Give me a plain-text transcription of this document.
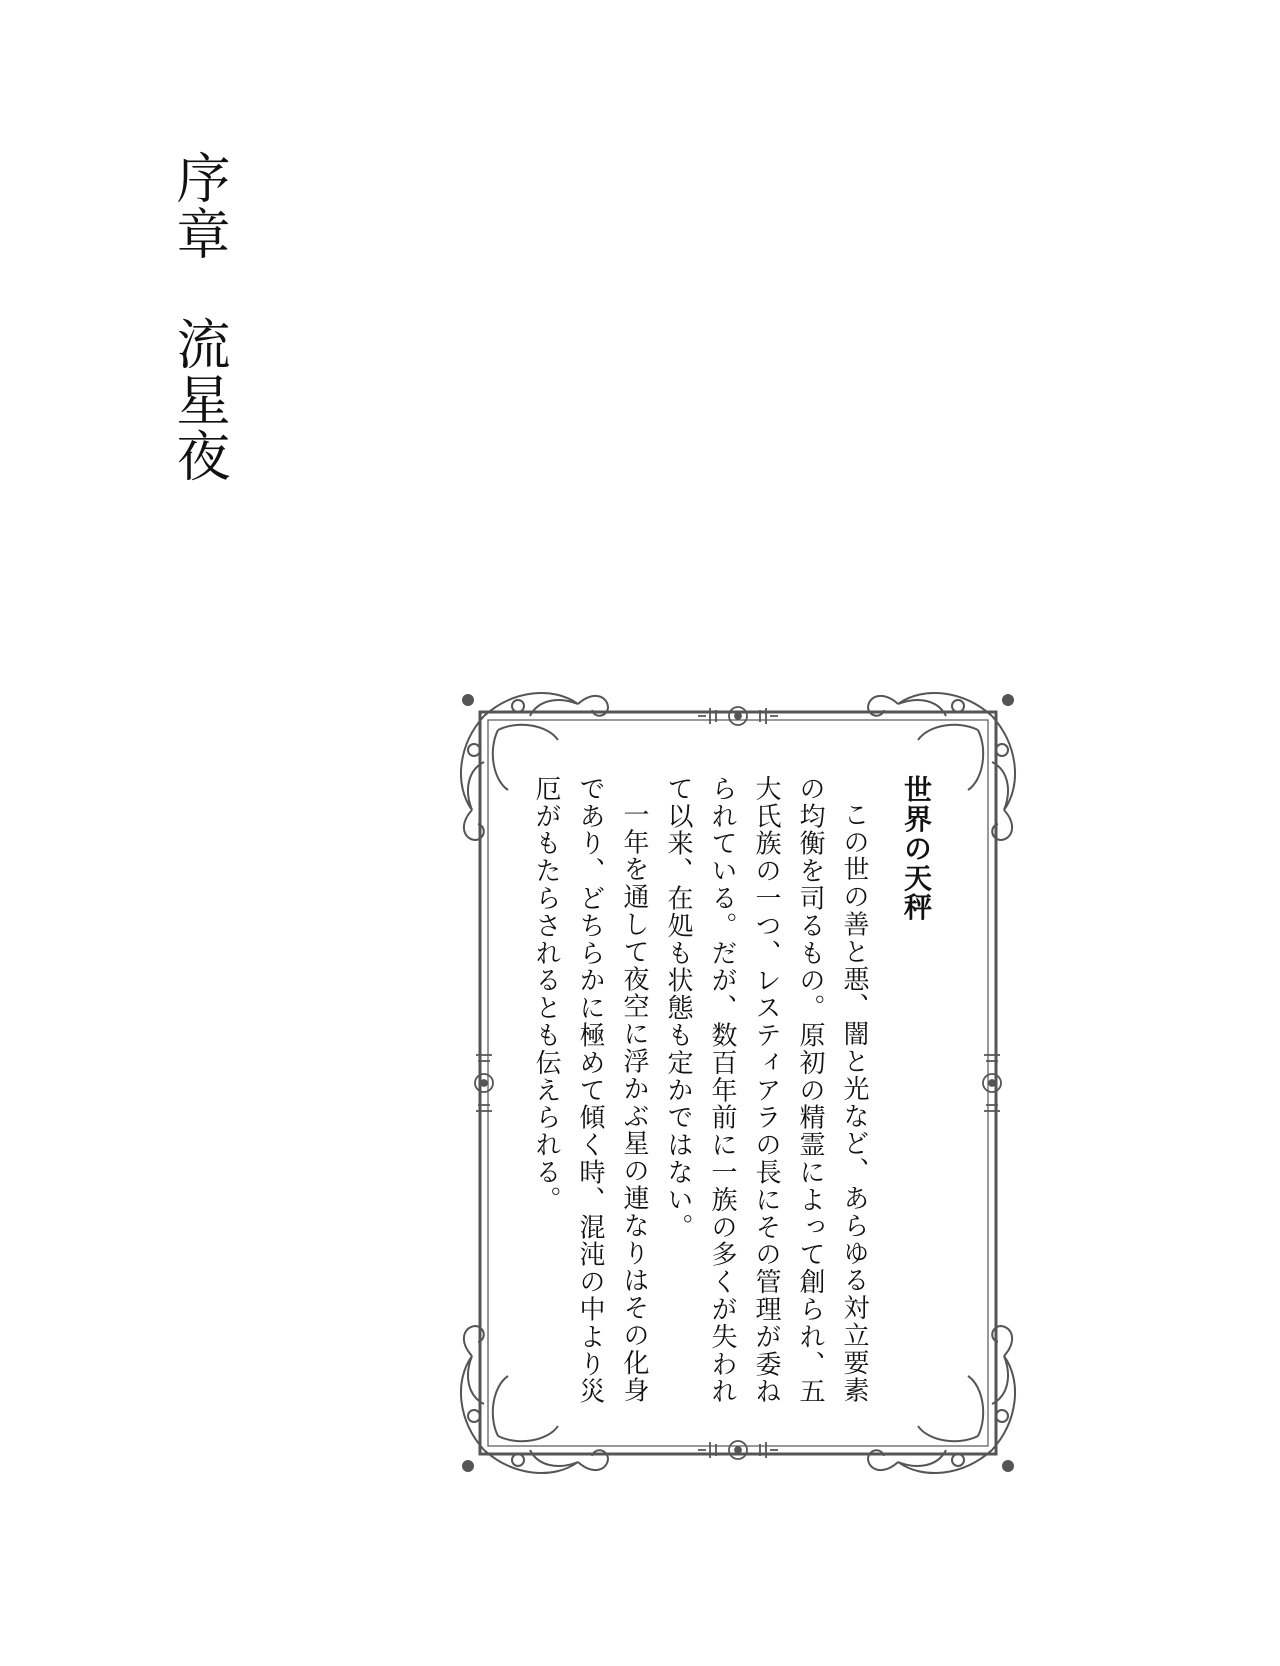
序章流星夜

世界の天秤

この世の善と悪、闇と光など、あらゆる対立要素の均衡を司るもの。原初の精霊によって創られ、五大氏族の一つ、レスティアラの長にその管理が委ねられている。だが、数百年前に一族の多くが失われて以来、在処も状態も定かではない。

一年を通して夜空に浮かぶ星の連なりはその化身であり、どちらかに極めて傾く時、混沌の中より災厄がもたらされるとも伝えられる。
